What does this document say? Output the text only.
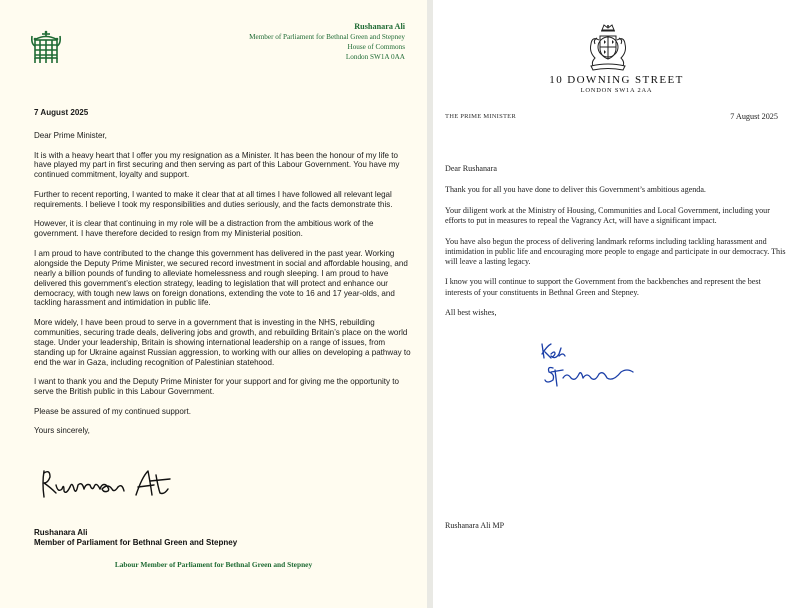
Rushanara Ali
Member of Parliament for Bethnal Green and Stepney
House of Commons
London SW1A 0AA

7 August 2025

Dear Prime Minister,

It is with a heavy heart that I offer you my resignation as a Minister. It has been the honour of my life to have played my part in first securing and then serving as part of this Labour Government. You have my continued commitment, loyalty and support.

Further to recent reporting, I wanted to make it clear that at all times I have followed all relevant legal requirements. I believe I took my responsibilities and duties seriously, and the facts demonstrate this.

However, it is clear that continuing in my role will be a distraction from the ambitious work of the government. I have therefore decided to resign from my Ministerial position.

I am proud to have contributed to the change this government has delivered in the past year. Working alongside the Deputy Prime Minister, we secured record investment in social and affordable housing, and nearly a billion pounds of funding to alleviate homelessness and rough sleeping. I am proud to have delivered this government’s election strategy, leading to legislation that will protect and enhance our democracy, with tough new laws on foreign donations, extending the vote to 16 and 17 year-olds, and tackling harassment and intimidation in public life.

More widely, I have been proud to serve in a government that is investing in the NHS, rebuilding communities, securing trade deals, delivering jobs and growth, and rebuilding Britain’s place on the world stage. Under your leadership, Britain is showing international leadership on a range of issues, from standing up for Ukraine against Russian aggression, to working with our allies on developing a pathway to end the war in Gaza, including recognition of Palestinian statehood.

I want to thank you and the Deputy Prime Minister for your support and for giving me the opportunity to serve the British public in this Labour Government.

Please be assured of my continued support.

Yours sincerely,

Rushanara Ali
Member of Parliament for Bethnal Green and Stepney
Labour Member of Parliament for Bethnal Green and Stepney
10 DOWNING STREET
LONDON SW1A 2AA
THE PRIME MINISTER	7 August 2025

Dear Rushanara

Thank you for all you have done to deliver this Government’s ambitious agenda.

Your diligent work at the Ministry of Housing, Communities and Local Government, including your efforts to put in measures to repeal the Vagrancy Act, will have a significant impact.

You have also begun the process of delivering landmark reforms including tackling harassment and intimidation in public life and encouraging more people to engage and participate in our democracy. This will leave a lasting legacy.

I know you will continue to support the Government from the backbenches and represent the best interests of your constituents in Bethnal Green and Stepney.

All best wishes,

Rushanara Ali MP
